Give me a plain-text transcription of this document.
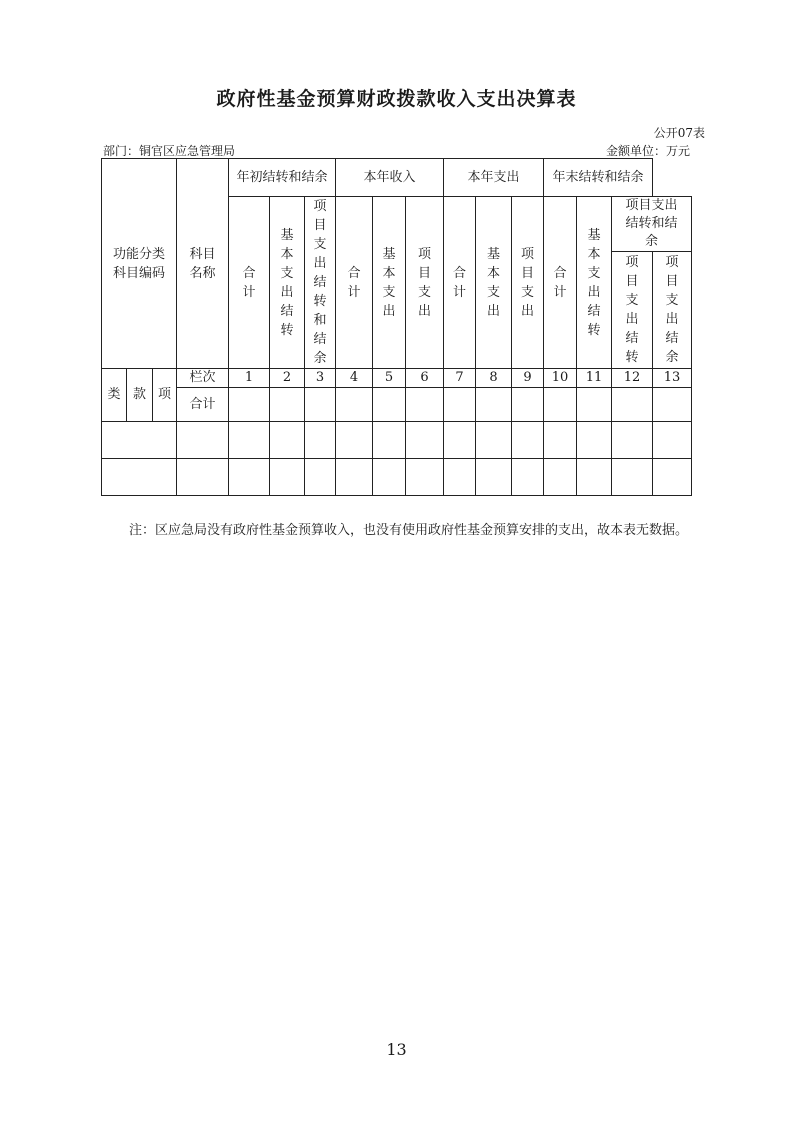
政府性基金预算财政拨款收入支出决算表
公开07表
部门：铜官区应急管理局	金额单位：万元
功能分类科目编码			科目名称	年初结转和结余			本年收入			本年支出			年末结转和结余			
				合计	基本支出结转	项目支出结转和结余	合计	基本支出	项目支出	合计	基本支出	项目支出	合计	基本支出结转	项目支出结转和结余	
															项目支出结转	项目支出结余

类	款	项	栏次	1	2	3	4	5	6	7	8	9	10	11	12	13
			合计													

注：区应急局没有政府性基金预算收入，也没有使用政府性基金预算安排的支出，故本表无数据。
13
